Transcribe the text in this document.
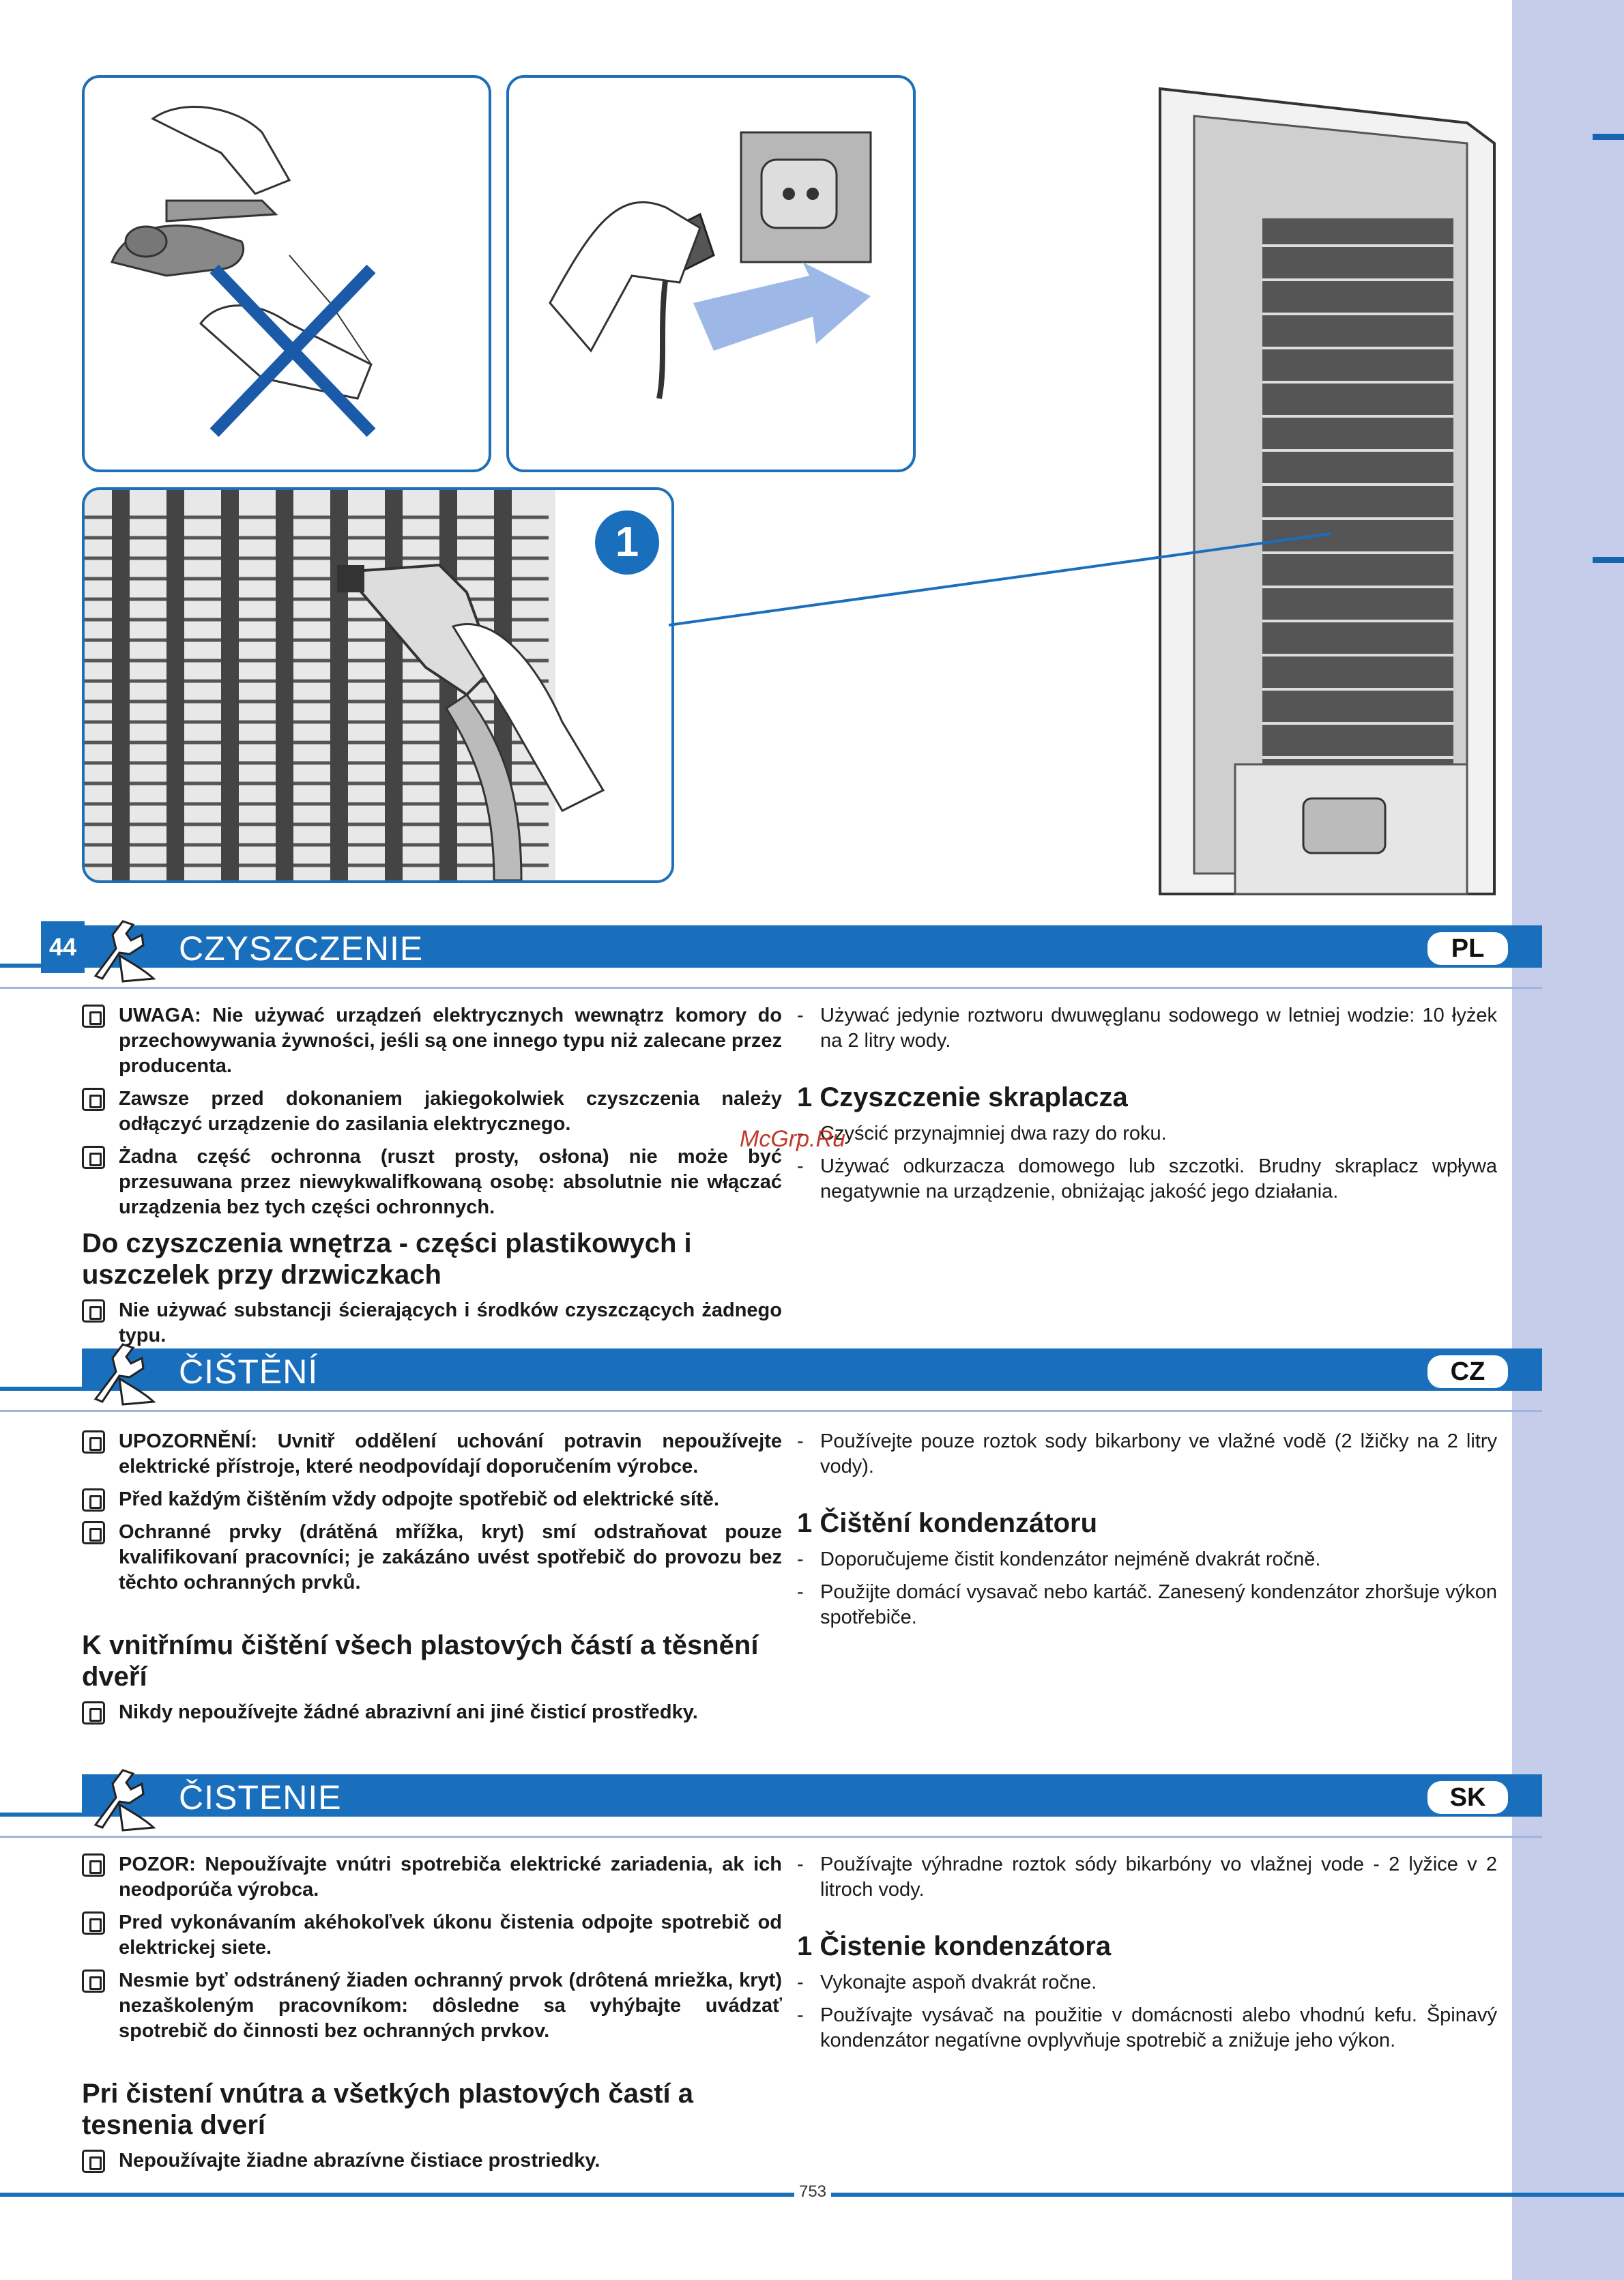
1
44	CZYSZCZENIE	PL

UWAGA: Nie używać urządzeń elektrycznych wewnątrz komory do przechowywania żywności, jeśli są one innego typu niż zalecane przez producenta.

Zawsze przed dokonaniem jakiegokolwiek czyszczenia należy odłączyć urządzenie do zasilania elektrycznego.

Żadna część ochronna (ruszt prosty, osłona) nie może być przesuwana przez niewykwalifkowaną osobę: absolutnie nie włączać urządzenia bez tych części ochronnych.

Do czyszczenia wnętrza - części plastikowych i uszczelek przy drzwiczkach

Nie używać substancji ścierających i środków czyszczących żadnego typu.

- Używać jedynie roztworu dwuwęglanu sodowego w letniej wodzie: 10 łyżek na 2 litry wody.

1 Czyszczenie skraplacza

- Czyścić przynajmniej dwa razy do roku.

- Używać odkurzacza domowego lub szczotki. Brudny skraplacz wpływa negatywnie na urządzenie, obniżając jakość jego działania.

ČIŠTĚNÍ	CZ

UPOZORNĚNÍ: Uvnitř oddělení uchování potravin nepoužívejte elektrické přístroje, které neodpovídají doporučením výrobce.

Před každým čištěním vždy odpojte spotřebič od elektrické sítě.

Ochranné prvky (drátěná mřížka, kryt) smí odstraňovat pouze kvalifikovaní pracovníci; je zakázáno uvést spotřebič do provozu bez těchto ochranných prvků.

K vnitřnímu čištění všech plastových částí a těsnění dveří

Nikdy nepoužívejte žádné abrazivní ani jiné čisticí prostředky.

- Používejte pouze roztok sody bikarbony ve vlažné vodě (2 lžičky na 2 litry vody).

1 Čištění kondenzátoru

- Doporučujeme čistit kondenzátor nejméně dvakrát ročně.

- Použijte domácí vysavač nebo kartáč. Zanesený kondenzátor zhoršuje výkon spotřebiče.

ČISTENIE	SK

POZOR: Nepoužívajte vnútri spotrebiča elektrické zariadenia, ak ich neodporúča výrobca.

Pred vykonávaním akéhokoľvek úkonu čistenia odpojte spotrebič od elektrickej siete.

Nesmie byť odstránený žiaden ochranný prvok (drôtená mriežka, kryt) nezaškoleným pracovníkom: dôsledne sa vyhýbajte uvádzať spotrebič do činnosti bez ochranných prvkov.

Pri čistení vnútra a všetkých plastových častí a tesnenia dverí

Nepoužívajte žiadne abrazívne čistiace prostriedky.

- Používajte výhradne roztok sódy bikarbóny vo vlažnej vode - 2 lyžice v 2 litroch vody.

1 Čistenie kondenzátora

- Vykonajte aspoň dvakrát ročne.

- Používajte vysávač na použitie v domácnosti alebo vhodnú kefu. Špinavý kondenzátor negatívne ovplyvňuje spotrebič a znižuje jeho výkon.

McGrp.Ru
753
